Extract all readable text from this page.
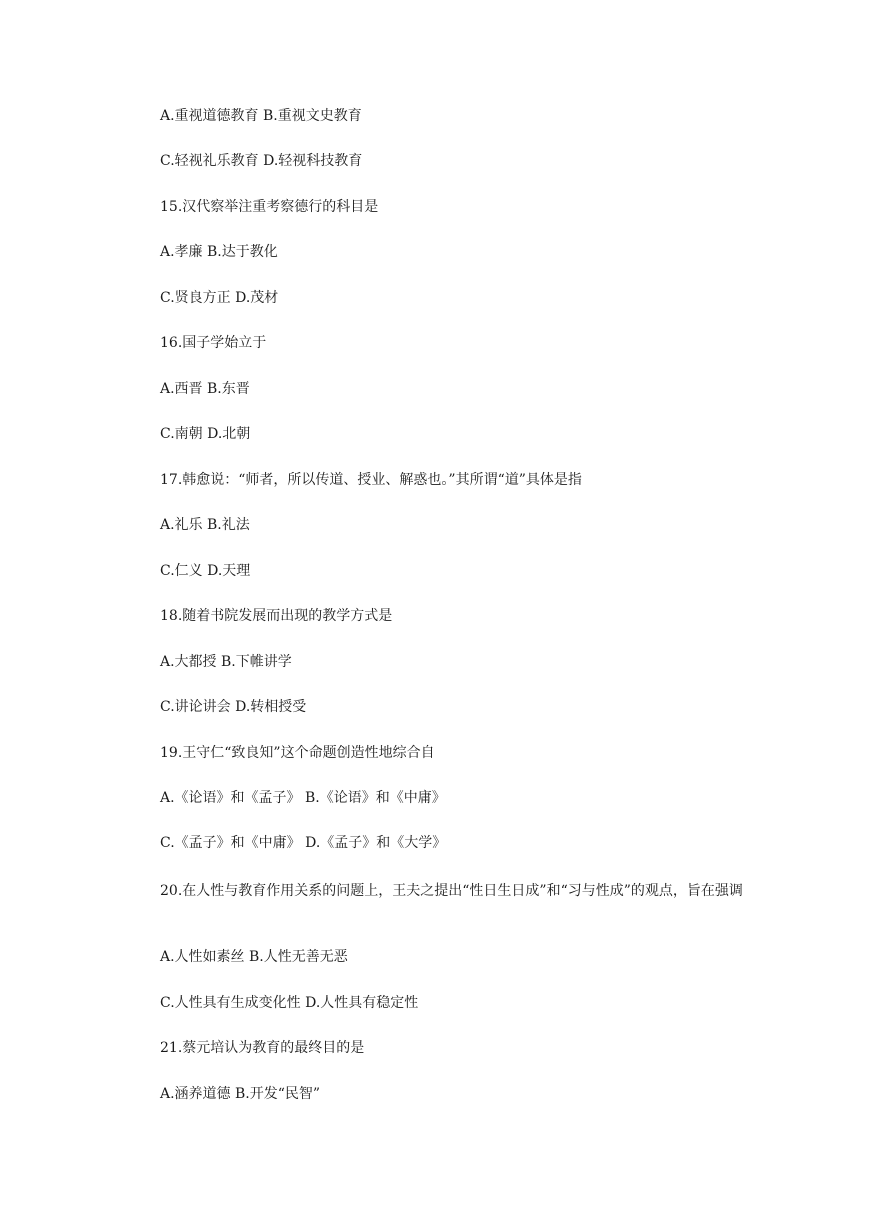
A.重视道德教育 B.重视文史教育
C.轻视礼乐教育 D.轻视科技教育
15.汉代察举注重考察德行的科目是
A.孝廉 B.达于教化
C.贤良方正 D.茂材
16.国子学始立于
A.西晋 B.东晋
C.南朝 D.北朝
17.韩愈说：“师者，所以传道、授业、解惑也。”其所谓“道”具体是指
A.礼乐 B.礼法
C.仁义 D.天理
18.随着书院发展而出现的教学方式是
A.大都授 B.下帷讲学
C.讲论讲会 D.转相授受
19.王守仁“致良知”这个命题创造性地综合自
A.《论语》和《孟子》 B.《论语》和《中庸》
C.《孟子》和《中庸》 D.《孟子》和《大学》
20.在人性与教育作用关系的问题上，王夫之提出“性日生日成”和“习与性成”的观点，旨在强调
A.人性如素丝 B.人性无善无恶
C.人性具有生成变化性 D.人性具有稳定性
21.蔡元培认为教育的最终目的是
A.涵养道德 B.开发“民智”
